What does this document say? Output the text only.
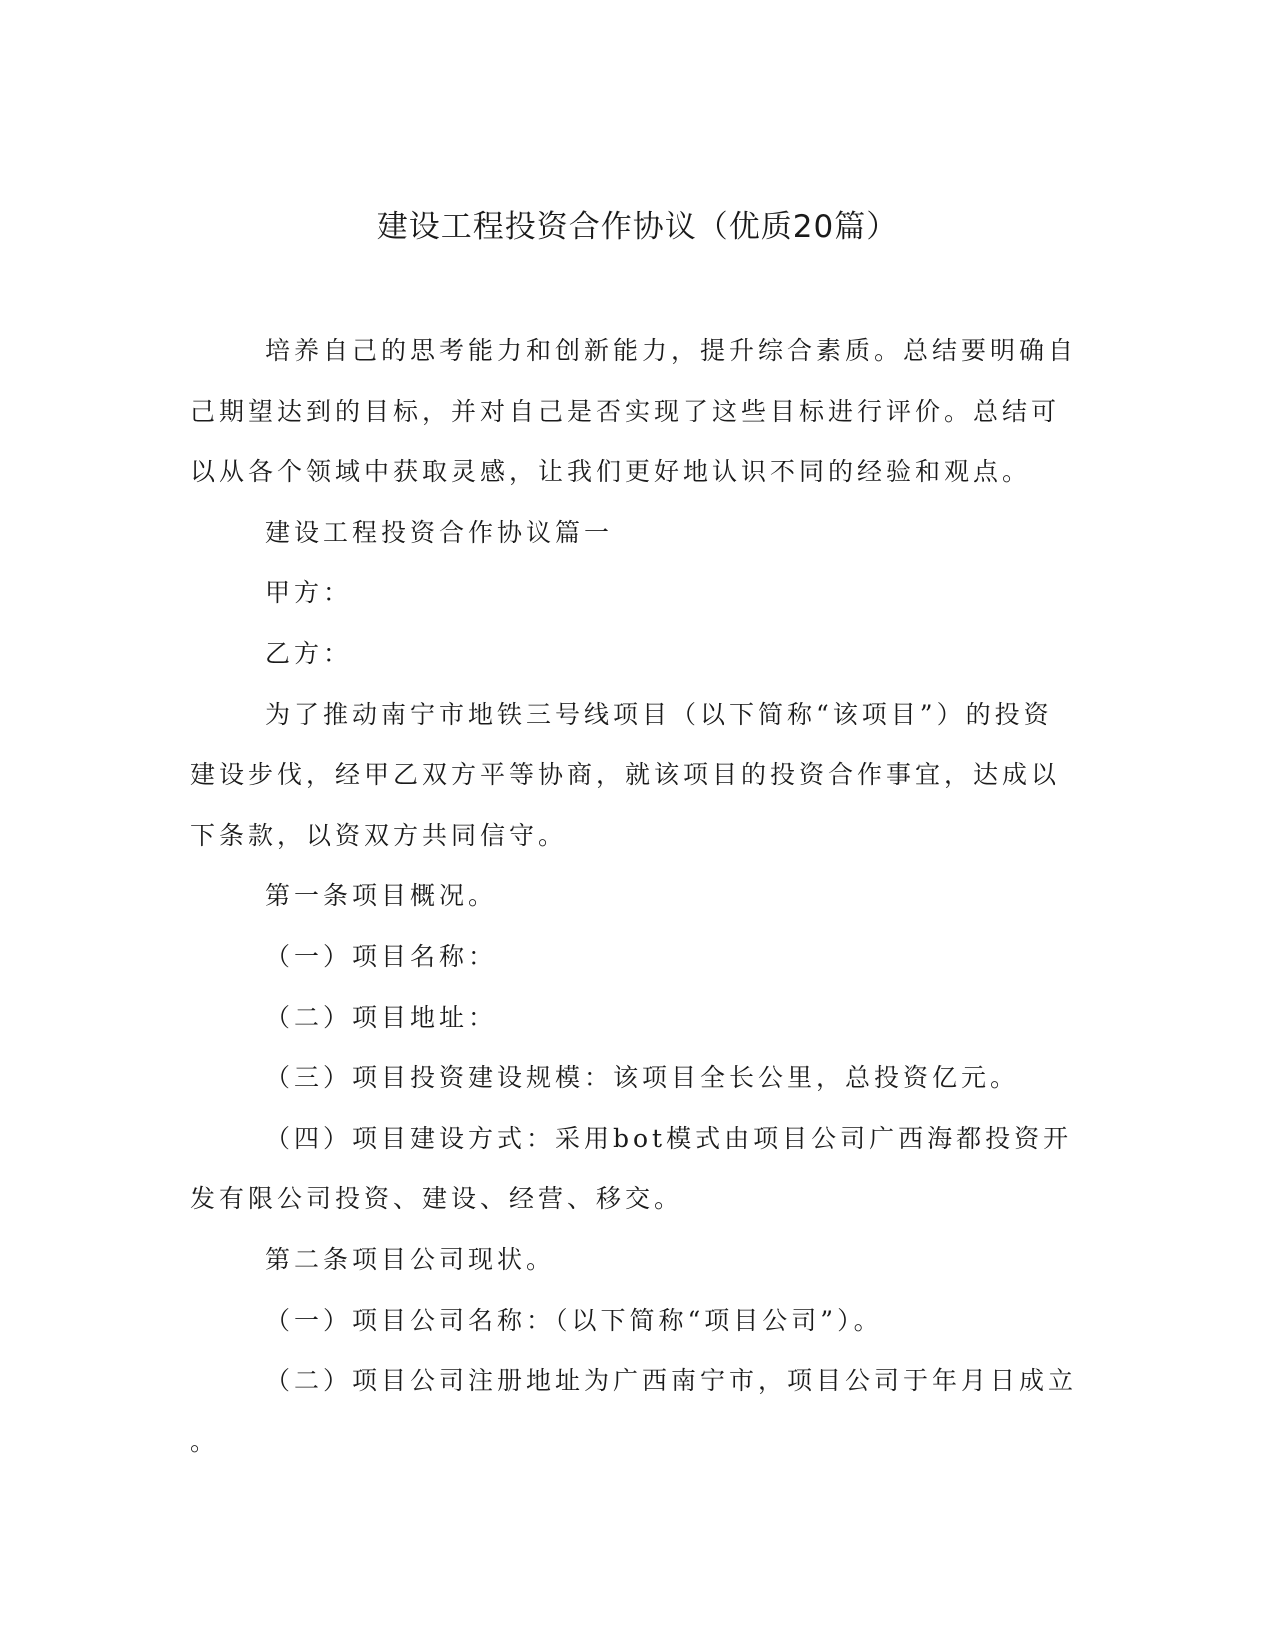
建设工程投资合作协议（优质20篇）

培养自己的思考能力和创新能力，提升综合素质。总结要明确自己期望达到的目标，并对自己是否实现了这些目标进行评价。总结可以从各个领域中获取灵感，让我们更好地认识不同的经验和观点。

建设工程投资合作协议篇一

甲方：

乙方：

为了推动南宁市地铁三号线项目（以下简称“该项目”）的投资建设步伐，经甲乙双方平等协商，就该项目的投资合作事宜，达成以下条款，以资双方共同信守。

第一条项目概况。

（一）项目名称：

（二）项目地址：

（三）项目投资建设规模：该项目全长公里，总投资亿元。

（四）项目建设方式：采用bot模式由项目公司广西海都投资开发有限公司投资、建设、经营、移交。

第二条项目公司现状。

（一）项目公司名称：（以下简称“项目公司”）。

（二）项目公司注册地址为广西南宁市，项目公司于年月日成立

。
